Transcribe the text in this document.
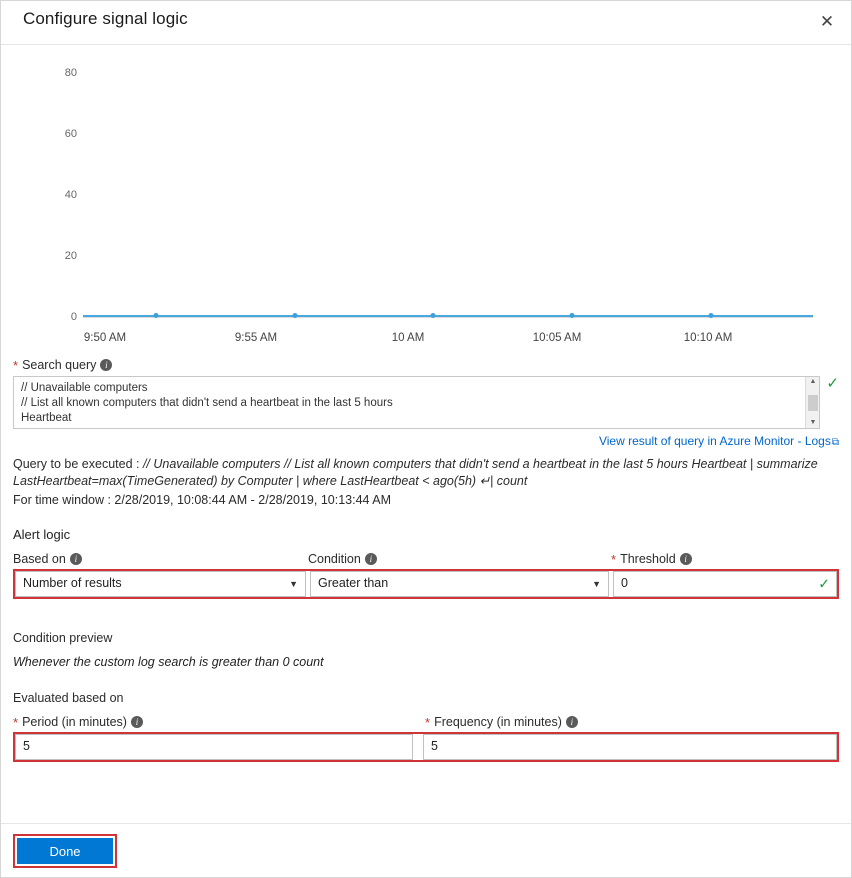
Configure signal logic	✕
80
60
40
20
0
9:50 AM	9:55 AM	10 AM	10:05 AM	10:10 AM
* Search query i
// Unavailable computers
// List all known computers that didn't send a heartbeat in the last 5 hours
Heartbeat
▲
▼
✓
View result of query in Azure Monitor - Logs⧉
Query to be executed : // Unavailable computers // List all known computers that didn't send a heartbeat in the last 5 hours Heartbeat | summarize LastHeartbeat=max(TimeGenerated) by Computer | where LastHeartbeat < ago(5h) ↵| count
For time window : 2/28/2019, 10:08:44 AM - 2/28/2019, 10:13:44 AM
Alert logic
Based on i	Condition i	* Threshold i
Number of results	▼	Greater than	▼	0	✓
Condition preview
Whenever the custom log search is greater than 0 count
Evaluated based on
* Period (in minutes) i	* Frequency (in minutes) i
5	5
Done
